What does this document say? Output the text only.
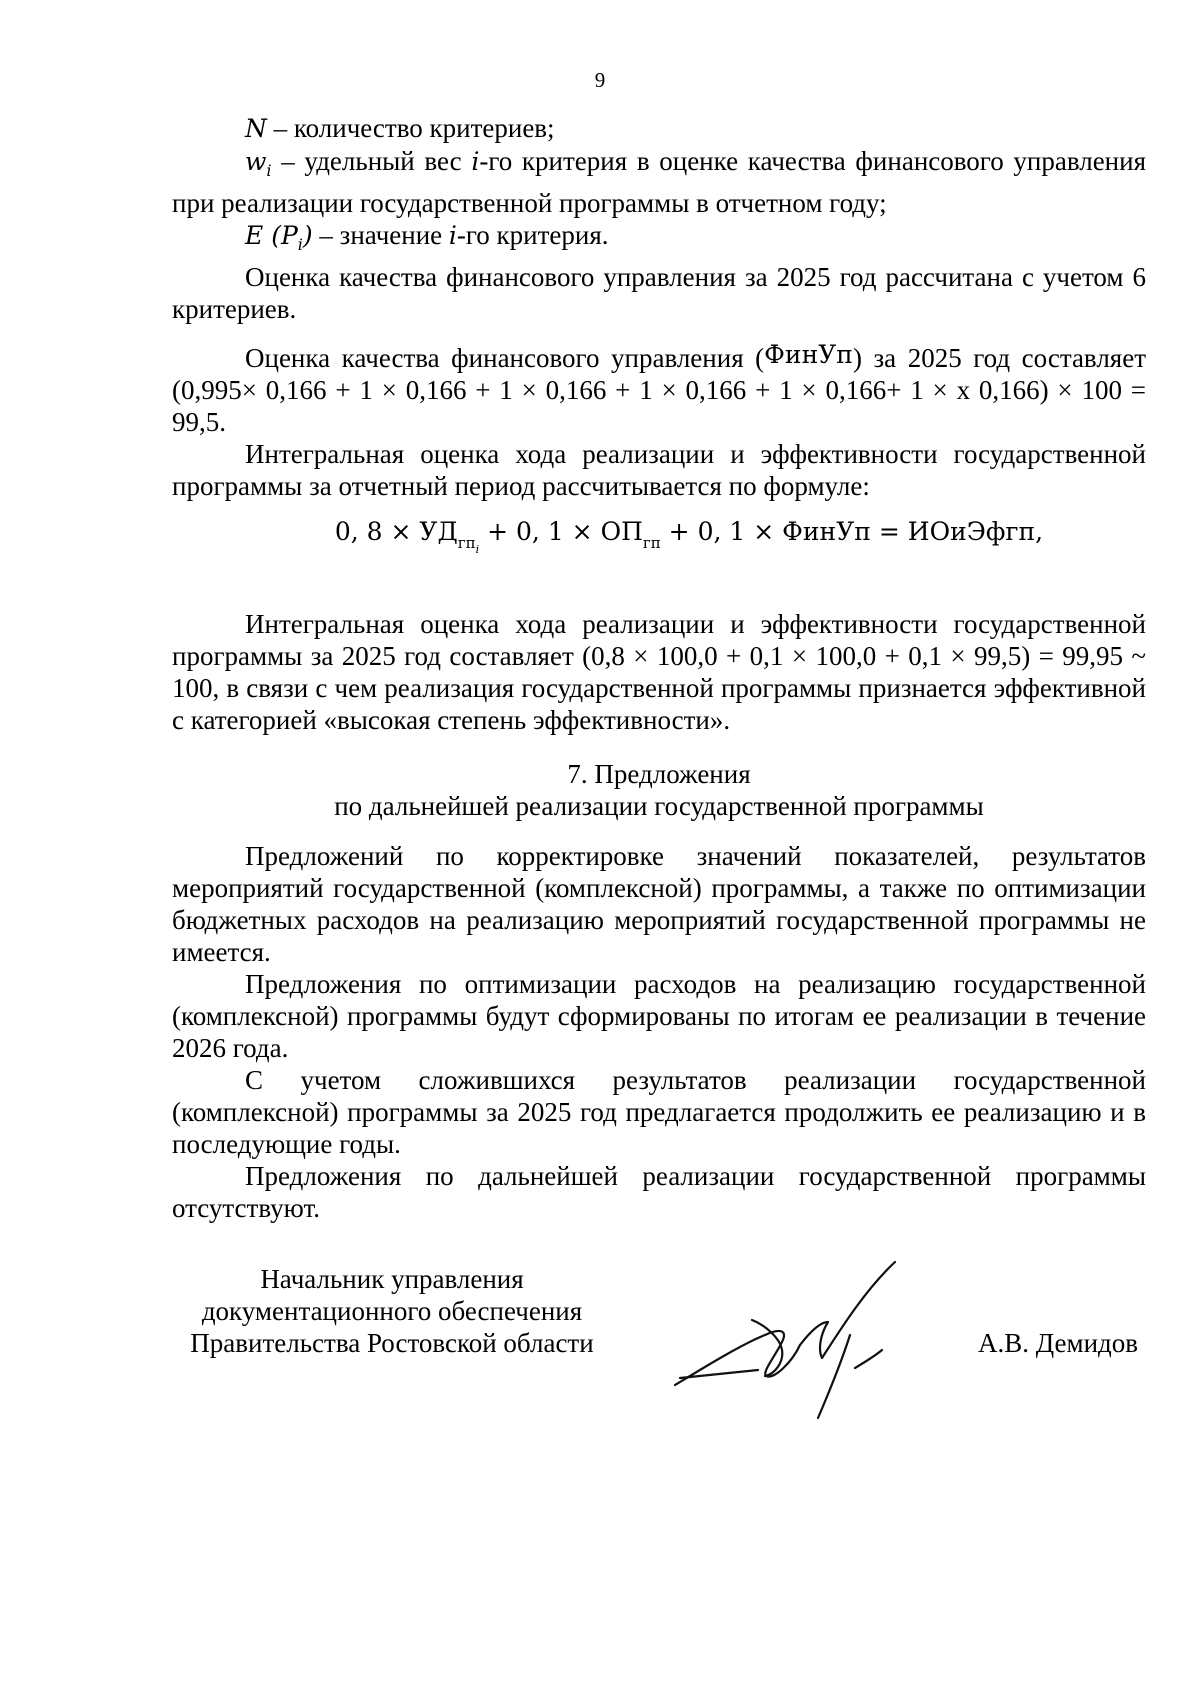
9

N – количество критериев;

$w_i$ – удельный вес i-го критерия в оценке качества финансового управления при реализации государственной программы в отчетном году;

E $(P_i)$ – значение i-го критерия.

Оценка качества финансового управления за 2025 год рассчитана с учетом 6 критериев.

Оценка качества финансового управления (ФинУп) за 2025 год составляет (0,995× 0,166 + 1 × 0,166 + 1 × 0,166 + 1 × 0,166 + 1 × 0,166+ 1 × х 0,166) × 100 = 99,5.

Интегральная оценка хода реализации и эффективности государственной программы за отчетный период рассчитывается по формуле:

0, $8 \times УД_{гп_i} + 0$, $1 \times ОП_{гп} + 0$, 1 × ФинУп = ИОиЭфгп,

Интегральная оценка хода реализации и эффективности государственной программы за 2025 год составляет (0,8 × 100,0 + 0,1 × 100,0 + 0,1 × 99,5) = 99,95 ~ 100, в связи с чем реализация государственной программы признается эффективной с категорией «высокая степень эффективности».

7. Предложения
по дальнейшей реализации государственной программы

Предложений по корректировке значений показателей, результатов мероприятий государственной (комплексной) программы, а также по оптимизации бюджетных расходов на реализацию мероприятий государственной программы не имеется.

Предложения по оптимизации расходов на реализацию государственной (комплексной) программы будут сформированы по итогам ее реализации в течение 2026 года.

С учетом сложившихся результатов реализации государственной (комплексной) программы за 2025 год предлагается продолжить ее реализацию и в последующие годы.

Предложения по дальнейшей реализации государственной программы отсутствуют.

Начальник управления
документационного обеспечения
Правительства Ростовской области	А.В. Демидов
